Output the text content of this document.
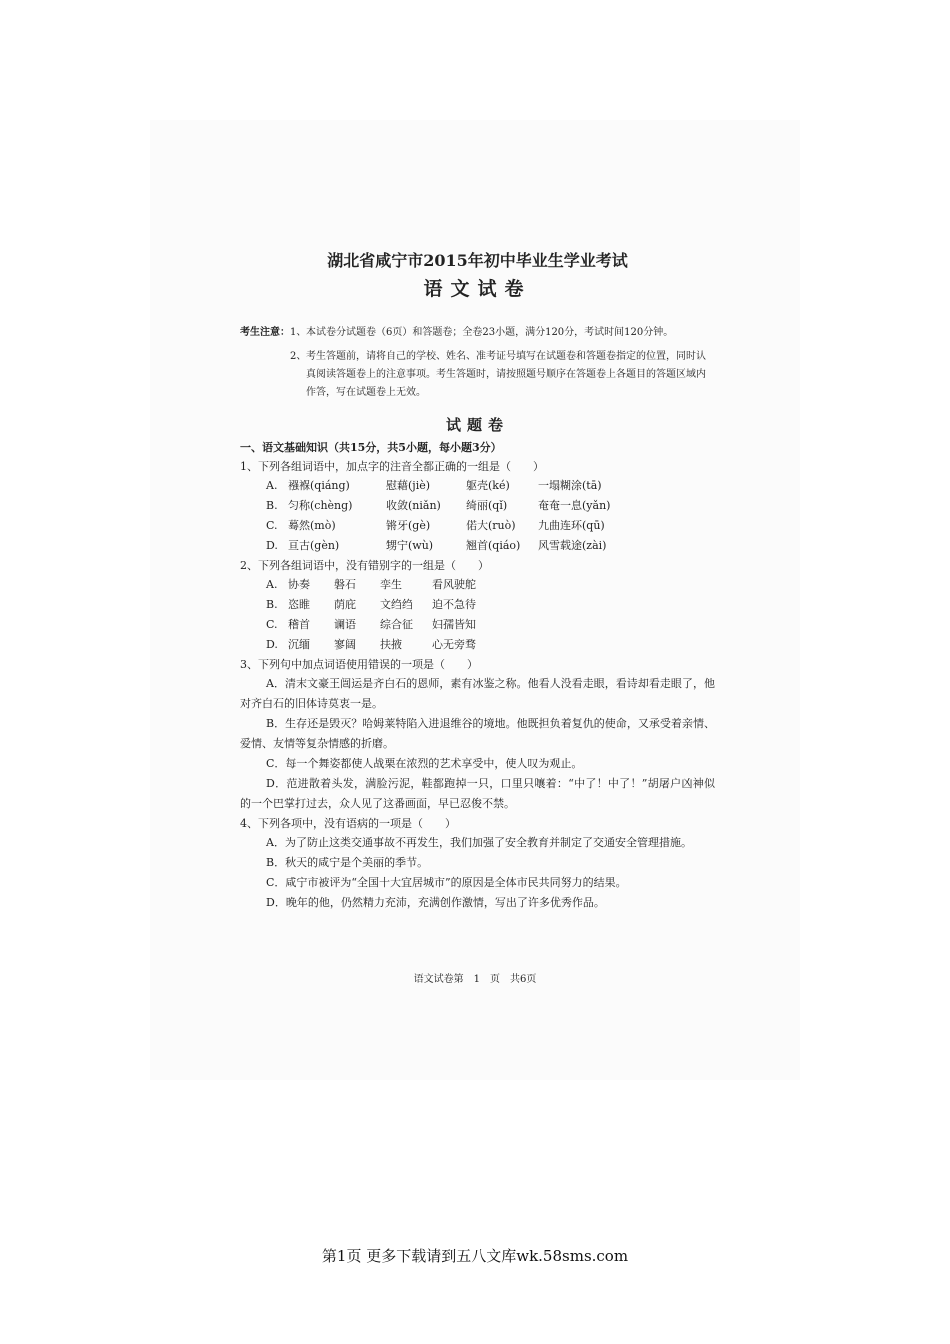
湖北省咸宁市2015年初中毕业生学业考试
语文试卷
考生注意： 1、 本试卷分试题卷（6页）和答题卷；全卷23小题，满分120分，考试时间120分钟。
2、 考生答题前，请将自己的学校、姓名、准考证号填写在试题卷和答题卷指定的位置，同时认真阅读答题卷上的注意事项。考生答题时，请按照题号顺序在答题卷上各题目的答题区域内作答，写在试题卷上无效。
试题卷
一、语文基础知识（共15分，共5小题，每小题3分）
1、下列各组词语中，加点字的注音全都正确的一组是（　　）
A. 襁褓(qiáng)	慰藉(jiè)	躯壳(ké)	一塌糊涂(tā)
B. 匀称(chèng)	收敛(niǎn)	绮丽(qǐ)	奄奄一息(yǎn)
C. 蓦然(mò)	锵牙(gè)	偌大(ruò)	九曲连环(qū)
D. 亘古(gèn)	甥宁(wù)	翘首(qiáo)	风雪载途(zài)
2、下列各组词语中，没有错别字的一组是（　　）
A. 协奏	磐石	孪生	看风驶舵
B. 恣睢	荫庇	文绉绉	迫不急待
C. 稽首	谰语	综合征	妇孺皆知
D. 沉缅	寥阔	扶掖	心无旁骛
3、下列句中加点词语使用错误的一项是（　　）
A．清末文豪王闿运是齐白石的恩师，素有冰鉴之称。他看人没看走眼，看诗却看走眼了，他对齐白石的旧体诗莫衷一是。
B．生存还是毁灭？哈姆莱特陷入进退维谷的境地。他既担负着复仇的使命，又承受着亲情、爱情、友情等复杂情感的折磨。
C．每一个舞姿都使人战栗在浓烈的艺术享受中，使人叹为观止。
D．范进散着头发，满脸污泥，鞋都跑掉一只，口里只嚷着：“中了！中了！”胡屠户凶神似的一个巴掌打过去，众人见了这番画面，早已忍俊不禁。
4、下列各项中，没有语病的一项是（　　）
A．为了防止这类交通事故不再发生，我们加强了安全教育并制定了交通安全管理措施。
B．秋天的咸宁是个美丽的季节。
C．咸宁市被评为“全国十大宜居城市”的原因是全体市民共同努力的结果。
D．晚年的他，仍然精力充沛，充满创作激情，写出了许多优秀作品。
语文试卷第　1　页　共6页
第1页 更多下载请到五八文库wk.58sms.com
